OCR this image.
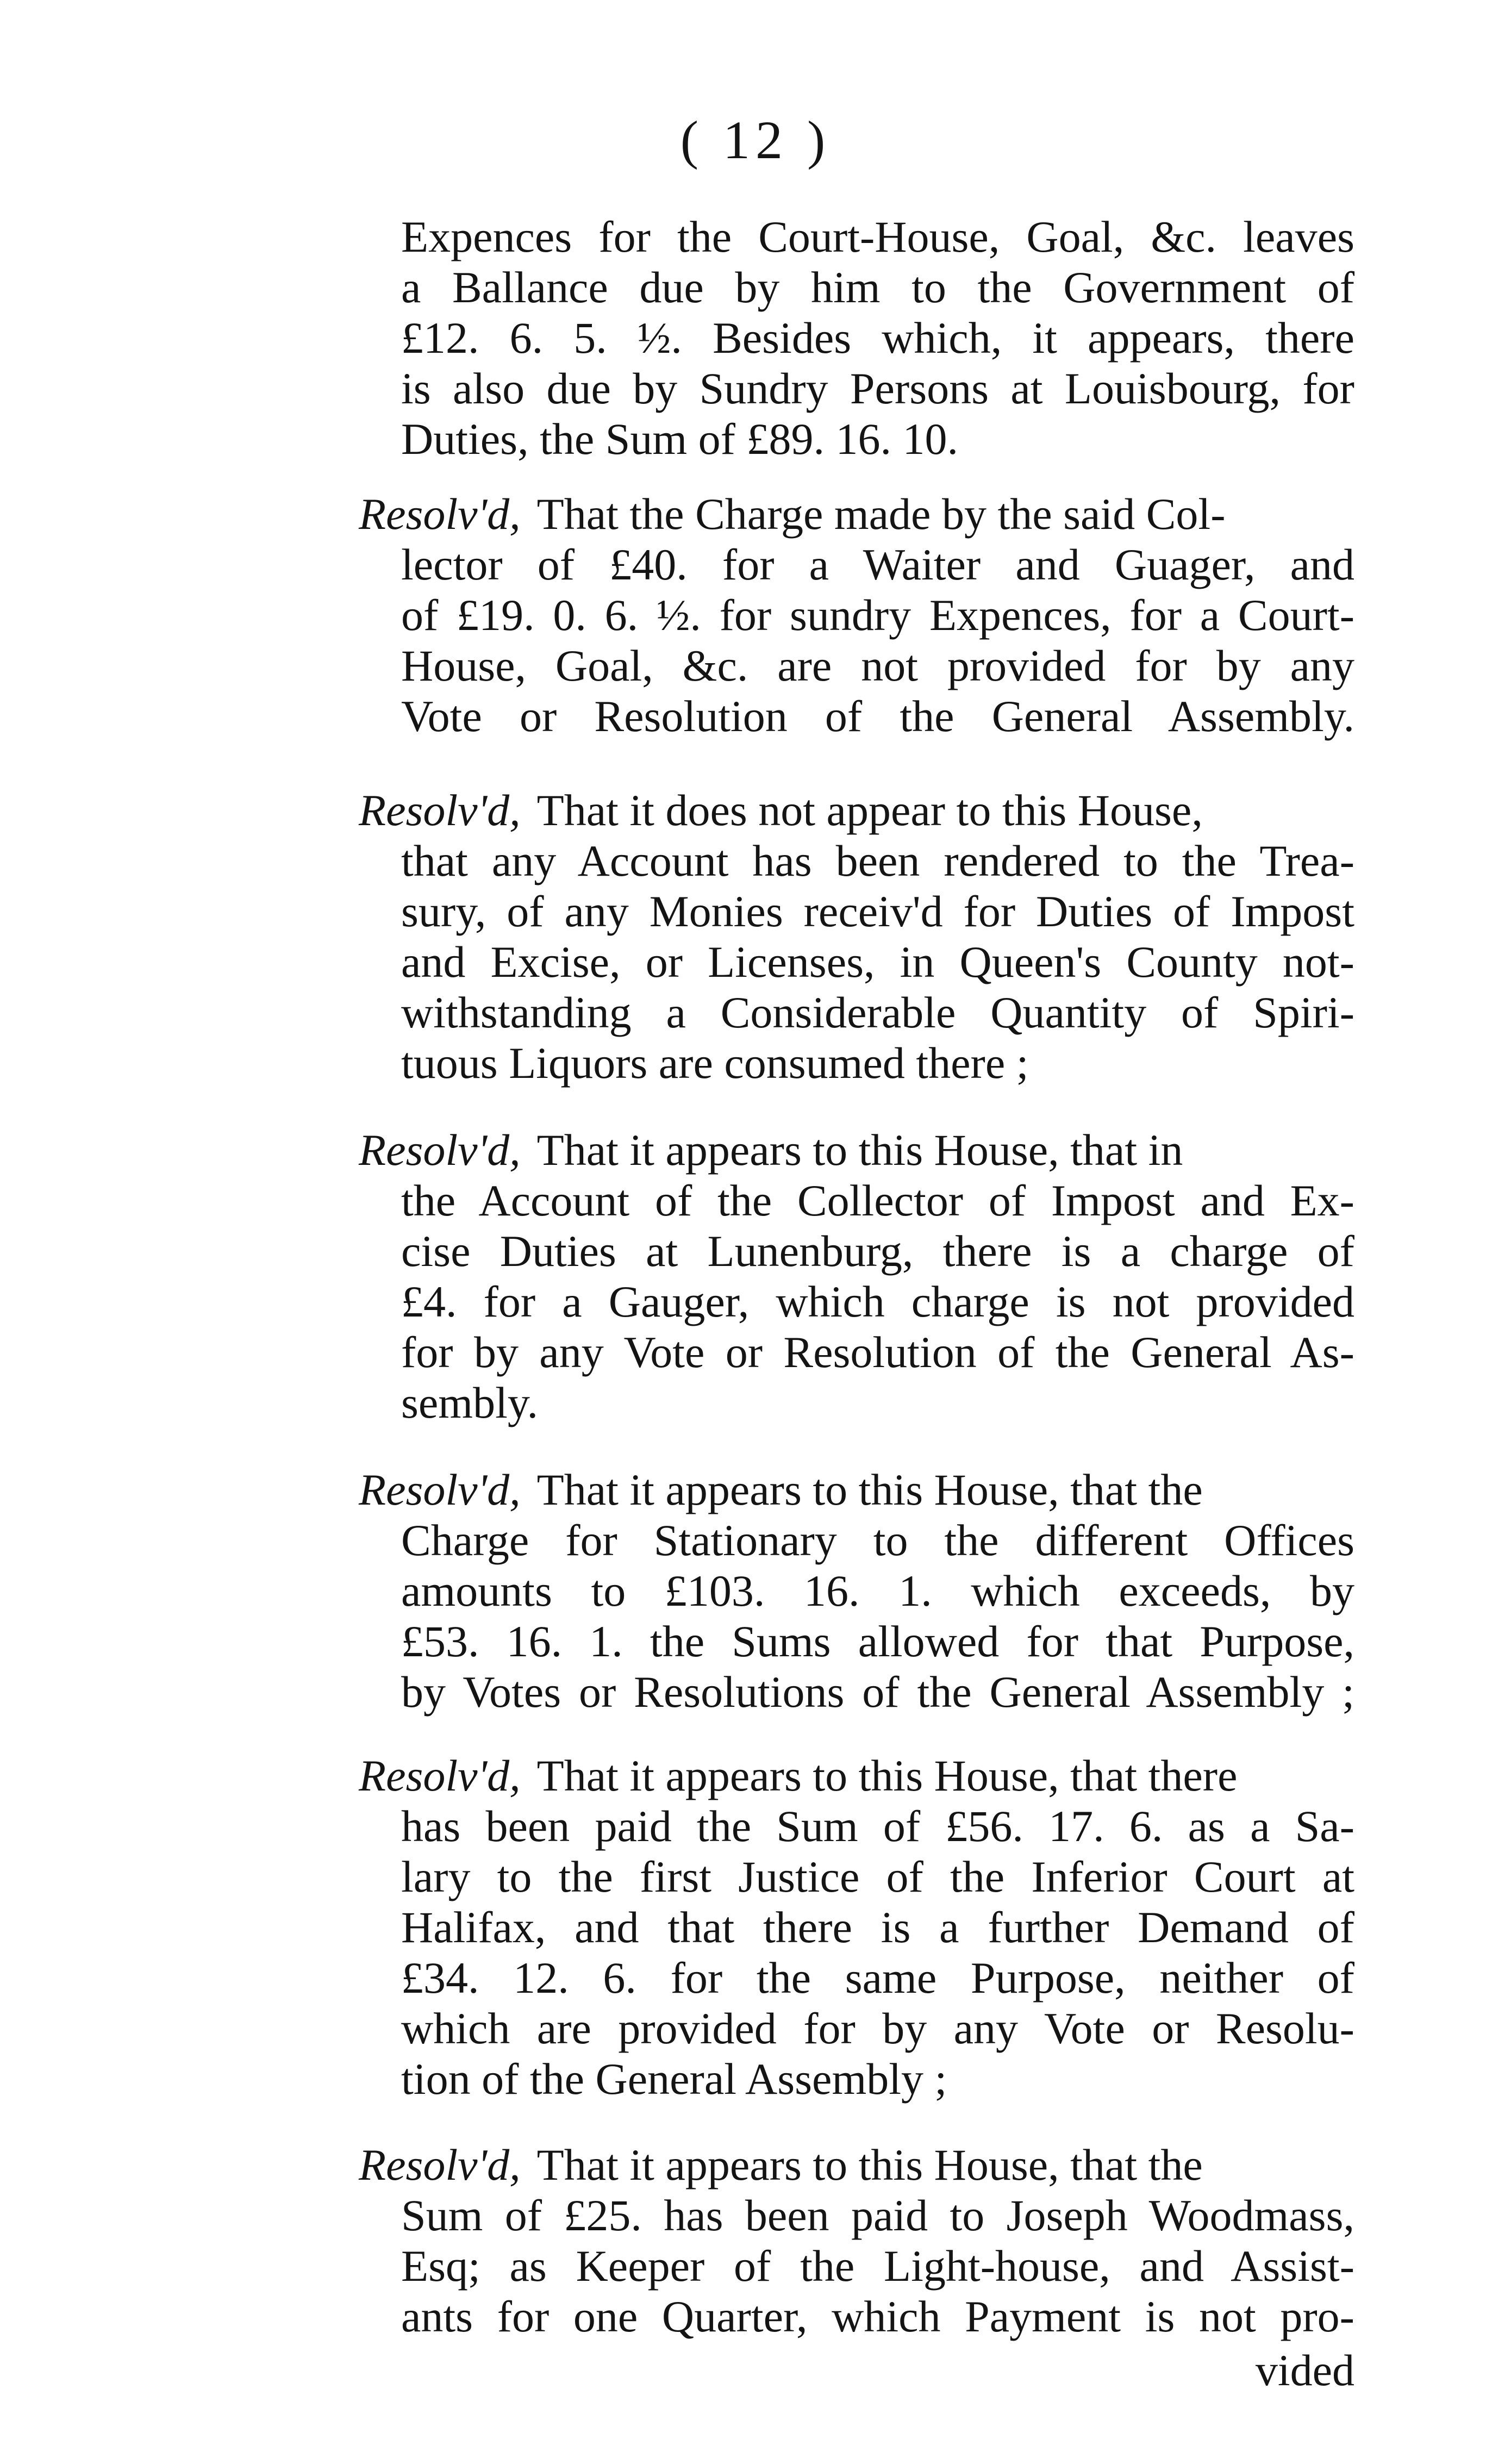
( 12 )
Expences for the Court-House, Goal, &c. leaves
a Ballance due by him to the Government of
£12. 6. 5. ½. Besides which, it appears, there
is also due by Sundry Persons at Louisbourg, for
Duties, the Sum of £89. 16. 10.
Resolv'd, That the Charge made by the said Col-
lector of £40. for a Waiter and Guager, and
of £19. 0. 6. ½. for sundry Expences, for a Court-
House, Goal, &c. are not provided for by any
Vote or Resolution of the General Assembly.
Resolv'd, That it does not appear to this House,
that any Account has been rendered to the Trea-
sury, of any Monies receiv'd for Duties of Impost
and Excise, or Licenses, in Queen's County not-
withstanding a Considerable Quantity of Spiri-
tuous Liquors are consumed there ;
Resolv'd, That it appears to this House, that in
the Account of the Collector of Impost and Ex-
cise Duties at Lunenburg, there is a charge of
£4. for a Gauger, which charge is not provided
for by any Vote or Resolution of the General As-
sembly.
Resolv'd, That it appears to this House, that the
Charge for Stationary to the different Offices
amounts to £103. 16. 1. which exceeds, by
£53. 16. 1. the Sums allowed for that Purpose,
by Votes or Resolutions of the General Assembly ;
Resolv'd, That it appears to this House, that there
has been paid the Sum of £56. 17. 6. as a Sa-
lary to the first Justice of the Inferior Court at
Halifax, and that there is a further Demand of
£34. 12. 6. for the same Purpose, neither of
which are provided for by any Vote or Resolu-
tion of the General Assembly ;
Resolv'd, That it appears to this House, that the
Sum of £25. has been paid to Joseph Woodmass,
Esq; as Keeper of the Light-house, and Assist-
ants for one Quarter, which Payment is not pro-
vided
